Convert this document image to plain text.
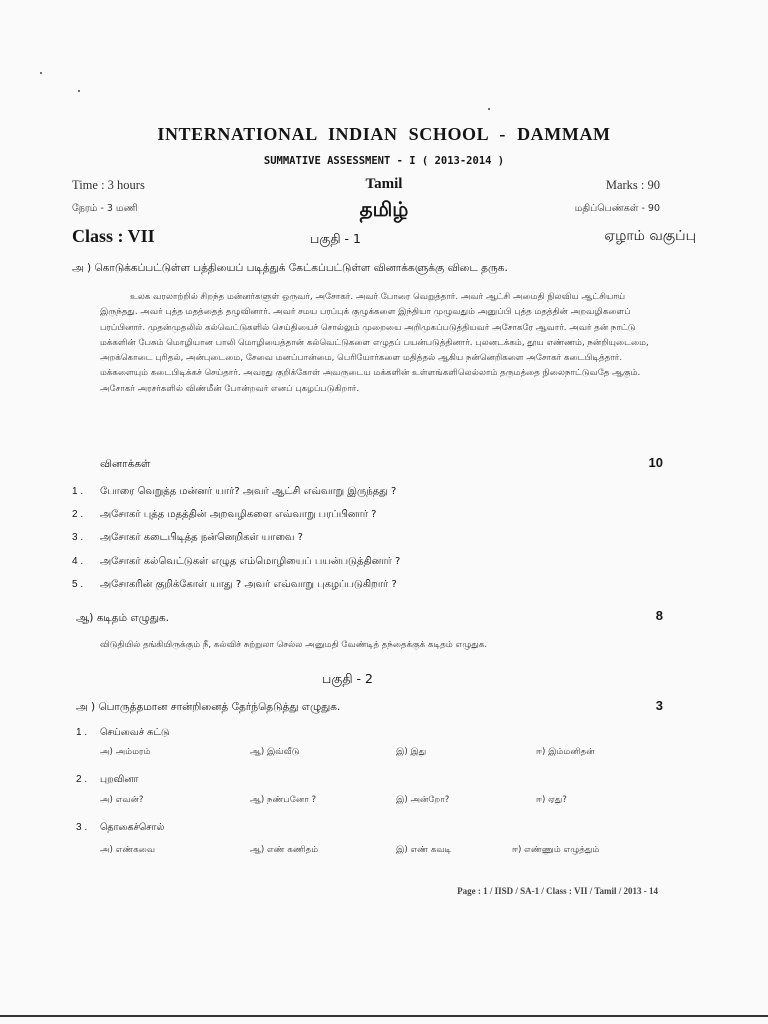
INTERNATIONAL INDIAN SCHOOL - DAMMAM
SUMMATIVE ASSESSMENT - I ( 2013-2014 )
Time : 3 hours	Tamil	Marks : 90
நேரம் - 3 மணி	தமிழ்	மதிப்பெண்கள் - 90
Class : VII	பகுதி - 1	ஏழாம் வகுப்பு
அ ) கொடுக்கப்பட்டுள்ள பத்தியைப் படித்துக் கேட்கப்பட்டுள்ள வினாக்களுக்கு விடை தருக.

உலக வரலாற்றில் சிறந்த மன்னர்களுள் ஒருவர், அசோகர். அவர் போரை வெறுத்தார். அவர் ஆட்சி அமைதி நிலவிய ஆட்சியாய் இருந்தது. அவர் புத்த மதத்தைத் தழுவினார். அவர் சமய பரப்புக் குழுக்களை இந்தியா முழுவதும் அனுப்பி புத்த மதத்தின் அறவழிகளைப் பரப்பினார். முதன்முதலில் கல்வெட்டுகளில் செய்தியைச் சொல்லும் முறையை அறிமுகப்படுத்தியவர் அசோகரே ஆவார். அவர் தன் நாட்டு மக்களின் பேசும் மொழியான பாலி மொழியைத்தான் கல்வெட்டுகளை எழுதப் பயன்படுத்தினார். புலனடக்கம், தூய எண்ணம், நன்றியுடைமை, அறக்கொடை புரிதல், அன்புடைமை, சேவை மனப்பான்மை, பெரியோர்களை மதித்தல் ஆகிய நன்னெறிகளை அசோகர் கடைபிடித்தார். மக்களையும் கடைபிடிக்கச் செய்தார். அவரது குறிக்கோள் அவருடைய மக்களின் உள்ளங்களிலெல்லாம் தருமத்தை நிலைநாட்டுவதே ஆகும். அசோகர் அரசர்களில் விண்மீன் போன்றவர் எனப் புகழப்படுகிறார்.

வினாக்கள்	10
1 .	போரை வெறுத்த மன்னர் யார்? அவர் ஆட்சி எவ்வாறு இருந்தது ?
2 .	அசோகர் புத்த மதத்தின் அறவழிகளை எவ்வாறு பரப்பினார் ?
3 .	அசோகர் கடைபிடித்த நன்னெறிகள் யாவை ?
4 .	அசோகர் கல்வெட்டுகள் எழுத எம்மொழியைப் பயன்படுத்தினார் ?
5 .	அசோகரின் குறிக்கோள் யாது ? அவர் எவ்வாறு புகழப்படுகிறார் ?
ஆ) கடிதம் எழுதுக.	8
விடுதியில் தங்கியிருக்கும் நீ, கல்விச் சுற்றுலா செல்ல அனுமதி வேண்டித் தந்தைக்குக் கடிதம் எழுதுக.
பகுதி - 2
அ ) பொருத்தமான சான்றினைத் தேர்ந்தெடுத்து எழுதுக.	3
1 . செய்வைச் சுட்டு
அ) அம்மரம்	ஆ) இவ்வீடு	இ) இது	ஈ) இம்மனிதன்
2 . புறவினா
அ) எவன்?	ஆ) நண்பனோ ?	இ) அன்றோ?	ஈ) ஏது?
3 . தொகைச்சொல்
அ) எண்கவை	ஆ) எண் கணிதம்	இ) எண் கவடி	ஈ) எண்ணும் எழுத்தும்
Page : 1 / IISD / SA-1 / Class : VII / Tamil / 2013 - 14
